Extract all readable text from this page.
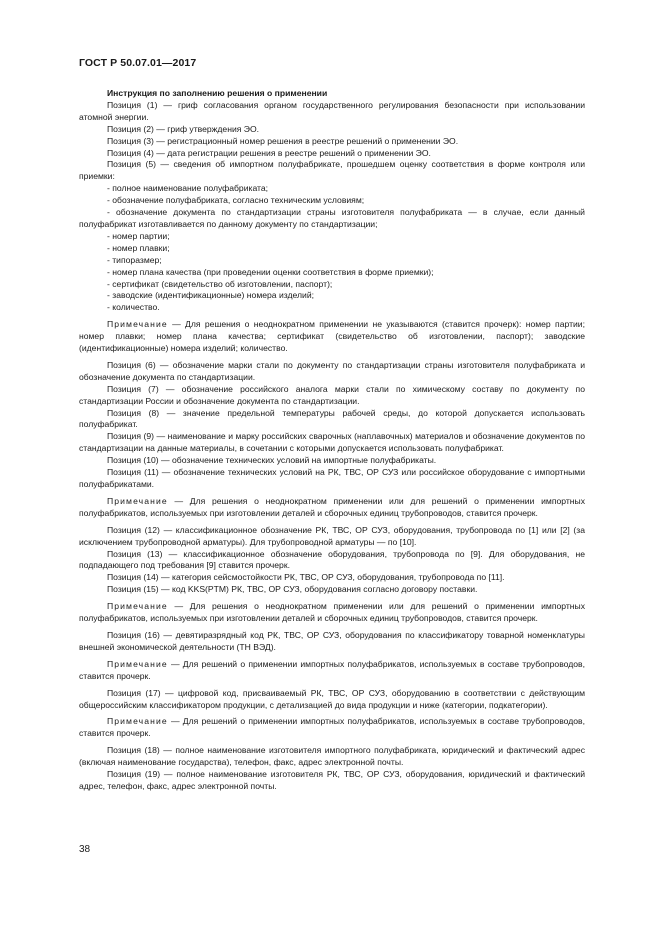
ГОСТ Р 50.07.01—2017

Инструкция по заполнению решения о применении

Позиция (1) — гриф согласования органом государственного регулирования безопасности при использовании атомной энергии.

Позиция (2) — гриф утверждения ЭО.

Позиция (3) — регистрационный номер решения в реестре решений о применении ЭО.

Позиция (4) — дата регистрации решения в реестре решений о применении ЭО.

Позиция (5) — сведения об импортном полуфабрикате, прошедшем оценку соответствия в форме контроля или приемки:

- полное наименование полуфабриката;

- обозначение полуфабриката, согласно техническим условиям;

- обозначение документа по стандартизации страны изготовителя полуфабриката — в случае, если данный полуфабрикат изготавливается по данному документу по стандартизации;

- номер партии;

- номер плавки;

- типоразмер;

- номер плана качества (при проведении оценки соответствия в форме приемки);

- сертификат (свидетельство об изготовлении, паспорт);

- заводские (идентификационные) номера изделий;

- количество.

Примечание — Для решения о неоднократном применении не указываются (ставится прочерк): номер партии; номер плавки; номер плана качества; сертификат (свидетельство об изготовлении, паспорт); заводские (идентификационные) номера изделий; количество.

Позиция (6) — обозначение марки стали по документу по стандартизации страны изготовителя полуфабриката и обозначение документа по стандартизации.

Позиция (7) — обозначение российского аналога марки стали по химическому составу по документу по стандартизации России и обозначение документа по стандартизации.

Позиция (8) — значение предельной температуры рабочей среды, до которой допускается использовать полуфабрикат.

Позиция (9) — наименование и марку российских сварочных (наплавочных) материалов и обозначение документов по стандартизации на данные материалы, в сочетании с которыми допускается использовать полуфабрикат.

Позиция (10) — обозначение технических условий на импортные полуфабрикаты.

Позиция (11) — обозначение технических условий на РК, ТВС, ОР СУЗ или российское оборудование с импортными полуфабрикатами.

Примечание — Для решения о неоднократном применении или для решений о применении импортных полуфабрикатов, используемых при изготовлении деталей и сборочных единиц трубопроводов, ставится прочерк.

Позиция (12) — классификационное обозначение РК, ТВС, ОР СУЗ, оборудования, трубопровода по [1] или [2] (за исключением трубопроводной арматуры). Для трубопроводной арматуры — по [10].

Позиция (13) — классификационное обозначение оборудования, трубопровода по [9]. Для оборудования, не подпадающего под требования [9] ставится прочерк.

Позиция (14) — категория сейсмостойкости РК, ТВС, ОР СУЗ, оборудования, трубопровода по [11].

Позиция (15) — код KKS(PTM) РК, ТВС, ОР СУЗ, оборудования согласно договору поставки.

Примечание — Для решения о неоднократном применении или для решений о применении импортных полуфабрикатов, используемых при изготовлении деталей и сборочных единиц трубопроводов, ставится прочерк.

Позиция (16) — девятиразрядный код РК, ТВС, ОР СУЗ, оборудования по классификатору товарной номенклатуры внешней экономической деятельности (ТН ВЭД).

Примечание — Для решений о применении импортных полуфабрикатов, используемых в составе трубопроводов, ставится прочерк.

Позиция (17) — цифровой код, присваиваемый РК, ТВС, ОР СУЗ, оборудованию в соответствии с действующим общероссийским классификатором продукции, с детализацией до вида продукции и ниже (категории, подкатегории).

Примечание — Для решений о применении импортных полуфабрикатов, используемых в составе трубопроводов, ставится прочерк.

Позиция (18) — полное наименование изготовителя импортного полуфабриката, юридический и фактический адрес (включая наименование государства), телефон, факс, адрес электронной почты.

Позиция (19) — полное наименование изготовителя РК, ТВС, ОР СУЗ, оборудования, юридический и фактический адрес, телефон, факс, адрес электронной почты.

38
